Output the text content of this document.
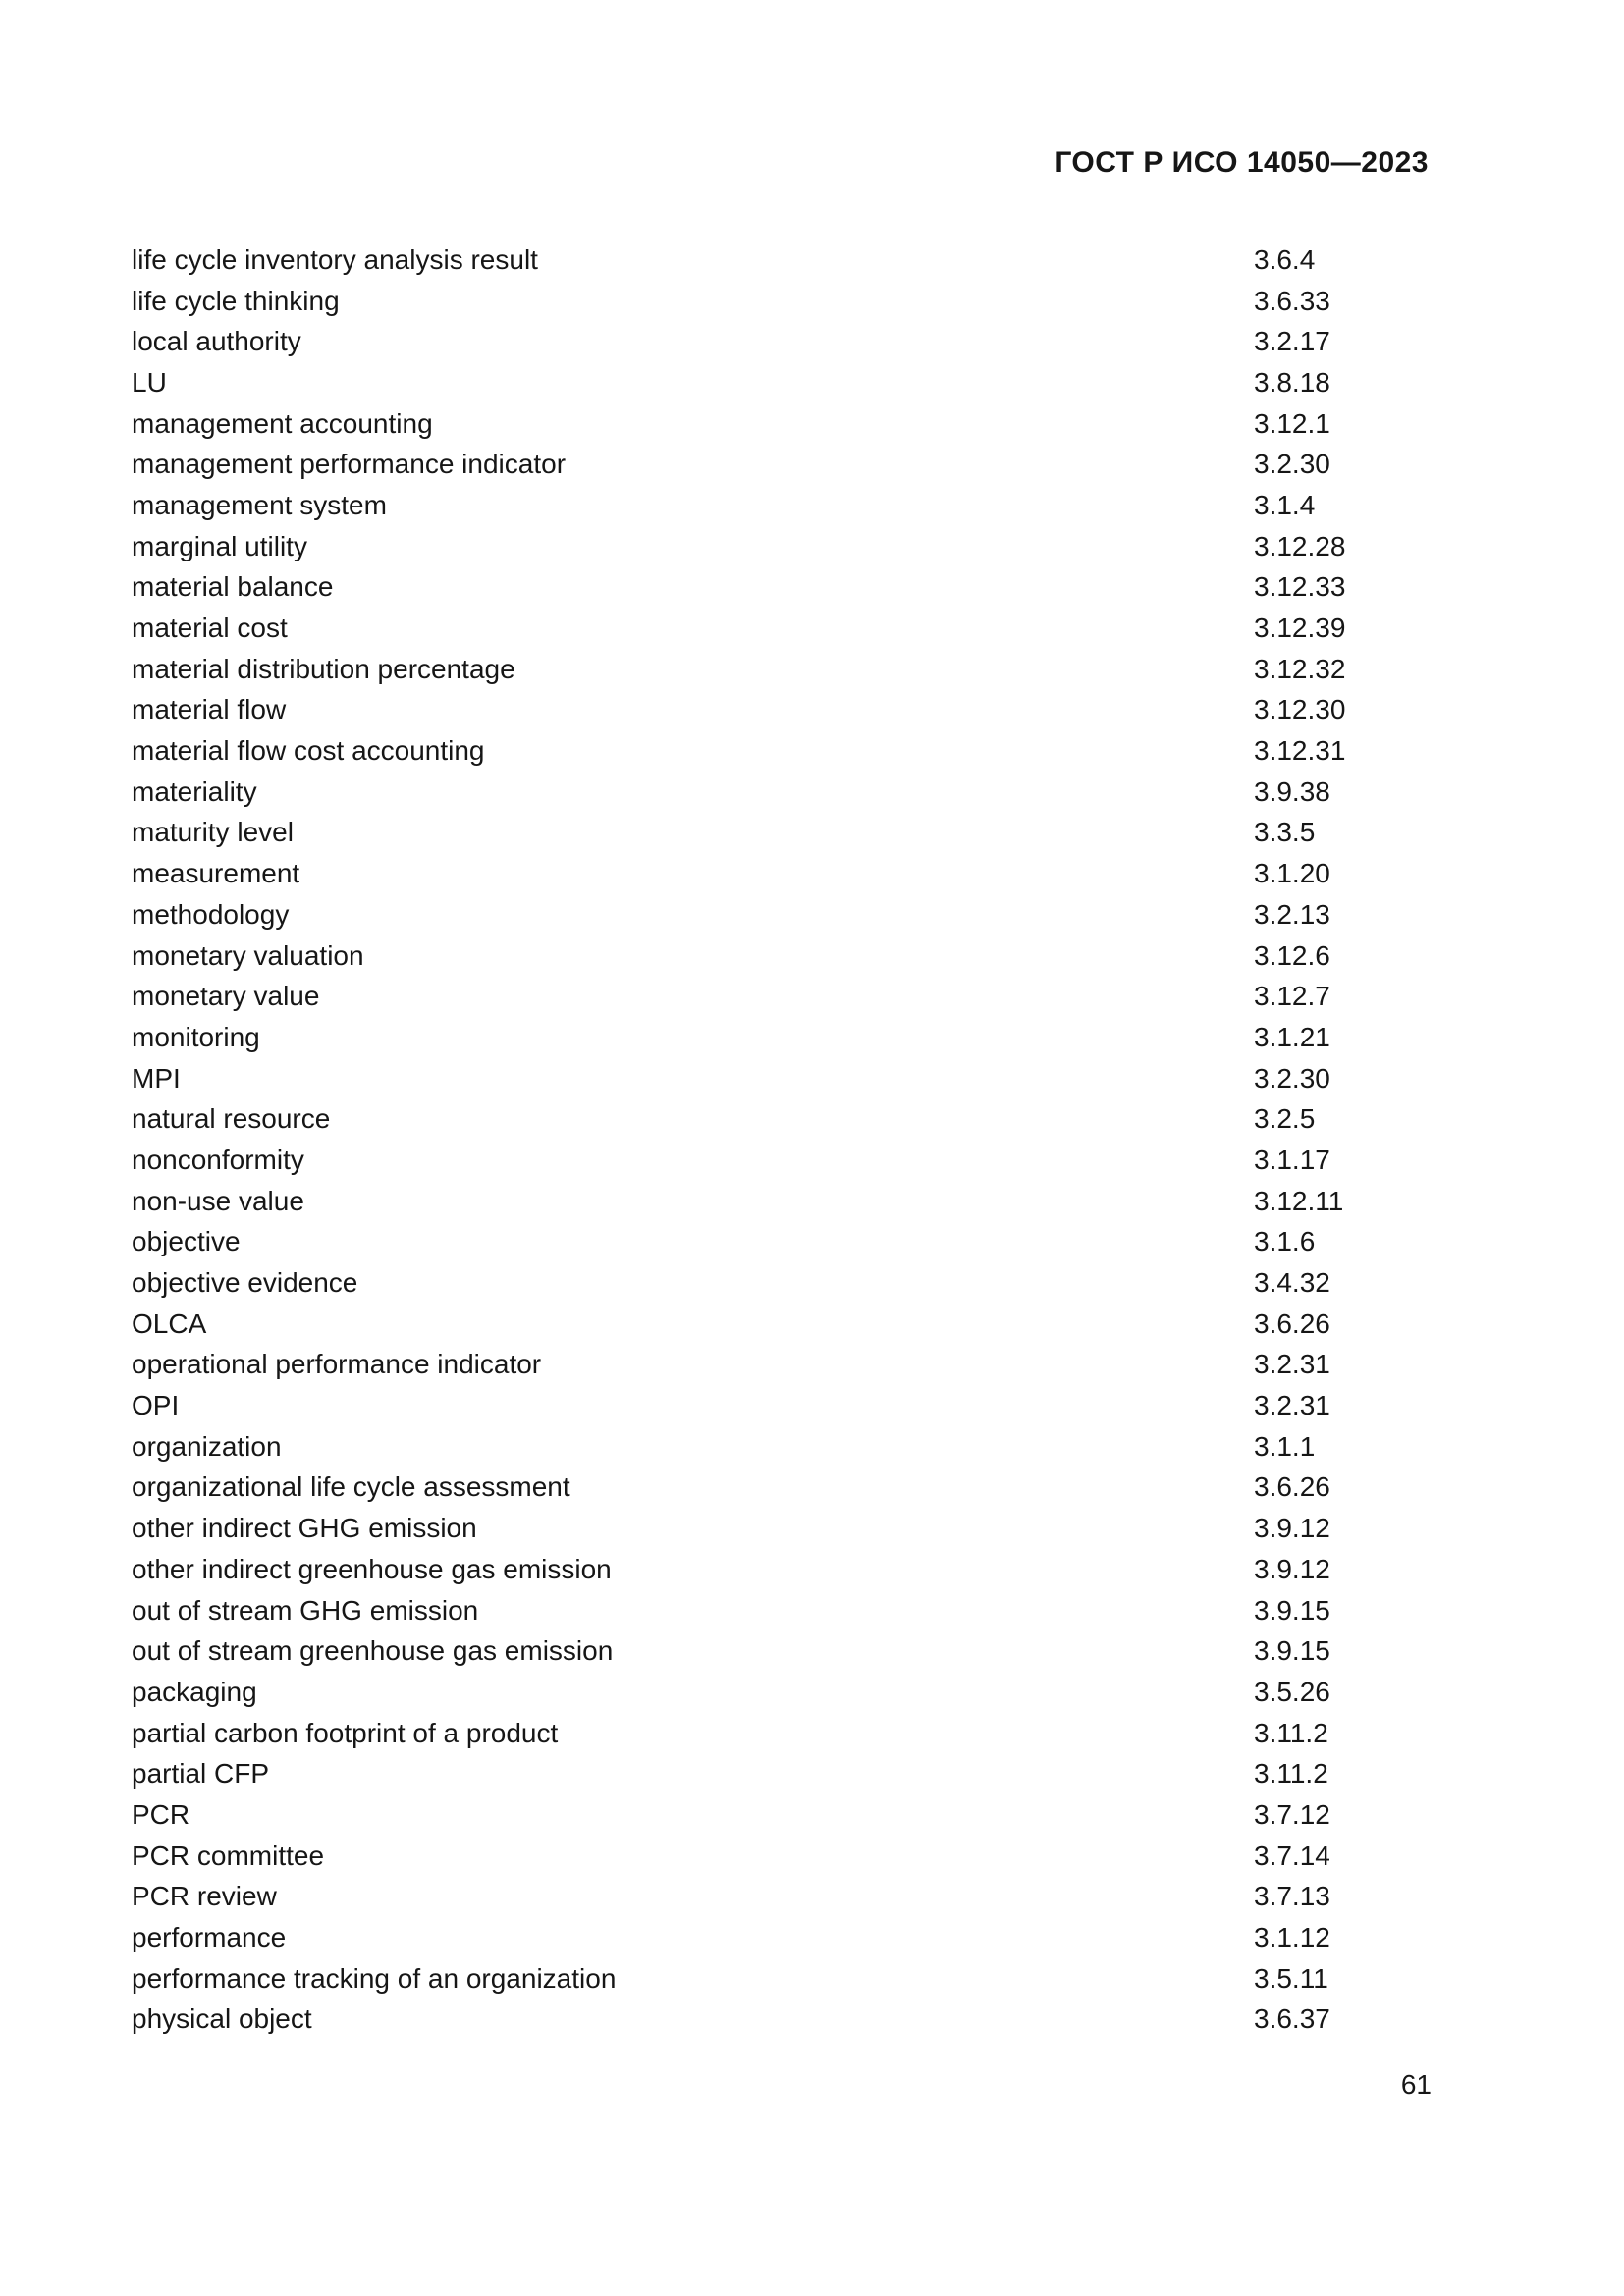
ГОСТ Р ИСО 14050—2023
life cycle inventory analysis result	3.6.4
life cycle thinking	3.6.33
local authority	3.2.17
LU	3.8.18
management accounting	3.12.1
management performance indicator	3.2.30
management system	3.1.4
marginal utility	3.12.28
material balance	3.12.33
material cost	3.12.39
material distribution percentage	3.12.32
material flow	3.12.30
material flow cost accounting	3.12.31
materiality	3.9.38
maturity level	3.3.5
measurement	3.1.20
methodology	3.2.13
monetary valuation	3.12.6
monetary value	3.12.7
monitoring	3.1.21
MPI	3.2.30
natural resource	3.2.5
nonconformity	3.1.17
non-use value	3.12.11
objective	3.1.6
objective evidence	3.4.32
OLCA	3.6.26
operational performance indicator	3.2.31
OPI	3.2.31
organization	3.1.1
organizational life cycle assessment	3.6.26
other indirect GHG emission	3.9.12
other indirect greenhouse gas emission	3.9.12
out of stream GHG emission	3.9.15
out of stream greenhouse gas emission	3.9.15
packaging	3.5.26
partial carbon footprint of a product	3.11.2
partial CFP	3.11.2
PCR	3.7.12
PCR committee	3.7.14
PCR review	3.7.13
performance	3.1.12
performance tracking of an organization	3.5.11
physical object	3.6.37
61
